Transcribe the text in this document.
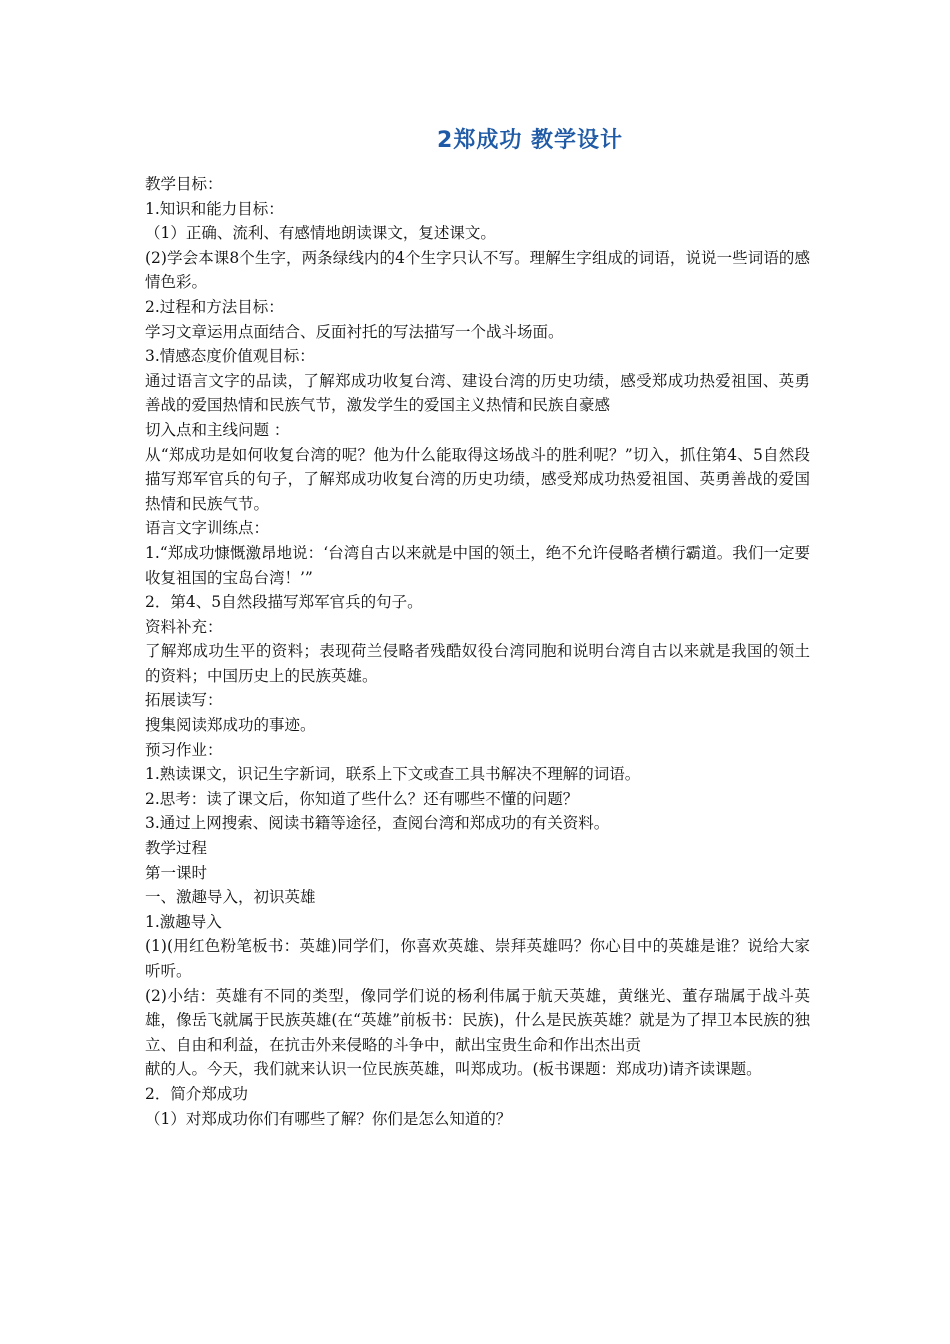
2郑成功 教学设计

教学目标：

1.知识和能力目标：

（1）正确、流利、有感情地朗读课文，复述课文。

(2)学会本课8个生字，两条绿线内的4个生字只认不写。理解生字组成的词语，说说一些词语的感情色彩。

2.过程和方法目标：

学习文章运用点面结合、反面衬托的写法描写一个战斗场面。

3.情感态度价值观目标：

通过语言文字的品读，了解郑成功收复台湾、建设台湾的历史功绩，感受郑成功热爱祖国、英勇善战的爱国热情和民族气节，激发学生的爱国主义热情和民族自豪感

切入点和主线问题 ：

从“郑成功是如何收复台湾的呢？他为什么能取得这场战斗的胜利呢？”切入，抓住第4、5自然段描写郑军官兵的句子，了解郑成功收复台湾的历史功绩，感受郑成功热爱祖国、英勇善战的爱国热情和民族气节。

语言文字训练点：

1.“郑成功慷慨激昂地说：‘台湾自古以来就是中国的领土，绝不允许侵略者横行霸道。我们一定要收复祖国的宝岛台湾！’”

2．第4、5自然段描写郑军官兵的句子。

资料补充：

了解郑成功生平的资料；表现荷兰侵略者残酷奴役台湾同胞和说明台湾自古以来就是我国的领土的资料；中国历史上的民族英雄。

拓展读写：

搜集阅读郑成功的事迹。

预习作业：

1.熟读课文，识记生字新词，联系上下文或查工具书解决不理解的词语。

2.思考：读了课文后，你知道了些什么？还有哪些不懂的问题？

3.通过上网搜索、阅读书籍等途径，查阅台湾和郑成功的有关资料。

教学过程

第一课时

一、激趣导入，初识英雄

1.激趣导入

(1)(用红色粉笔板书：英雄)同学们，你喜欢英雄、崇拜英雄吗？你心目中的英雄是谁？说给大家听听。

(2)小结：英雄有不同的类型，像同学们说的杨利伟属于航天英雄，黄继光、董存瑞属于战斗英雄，像岳飞就属于民族英雄(在“英雄”前板书：民族)，什么是民族英雄？就是为了捍卫本民族的独立、自由和利益，在抗击外来侵略的斗争中，献出宝贵生命和作出杰出贡

献的人。今天，我们就来认识一位民族英雄，叫郑成功。(板书课题：郑成功)请齐读课题。

2．简介郑成功

（1）对郑成功你们有哪些了解？你们是怎么知道的？
